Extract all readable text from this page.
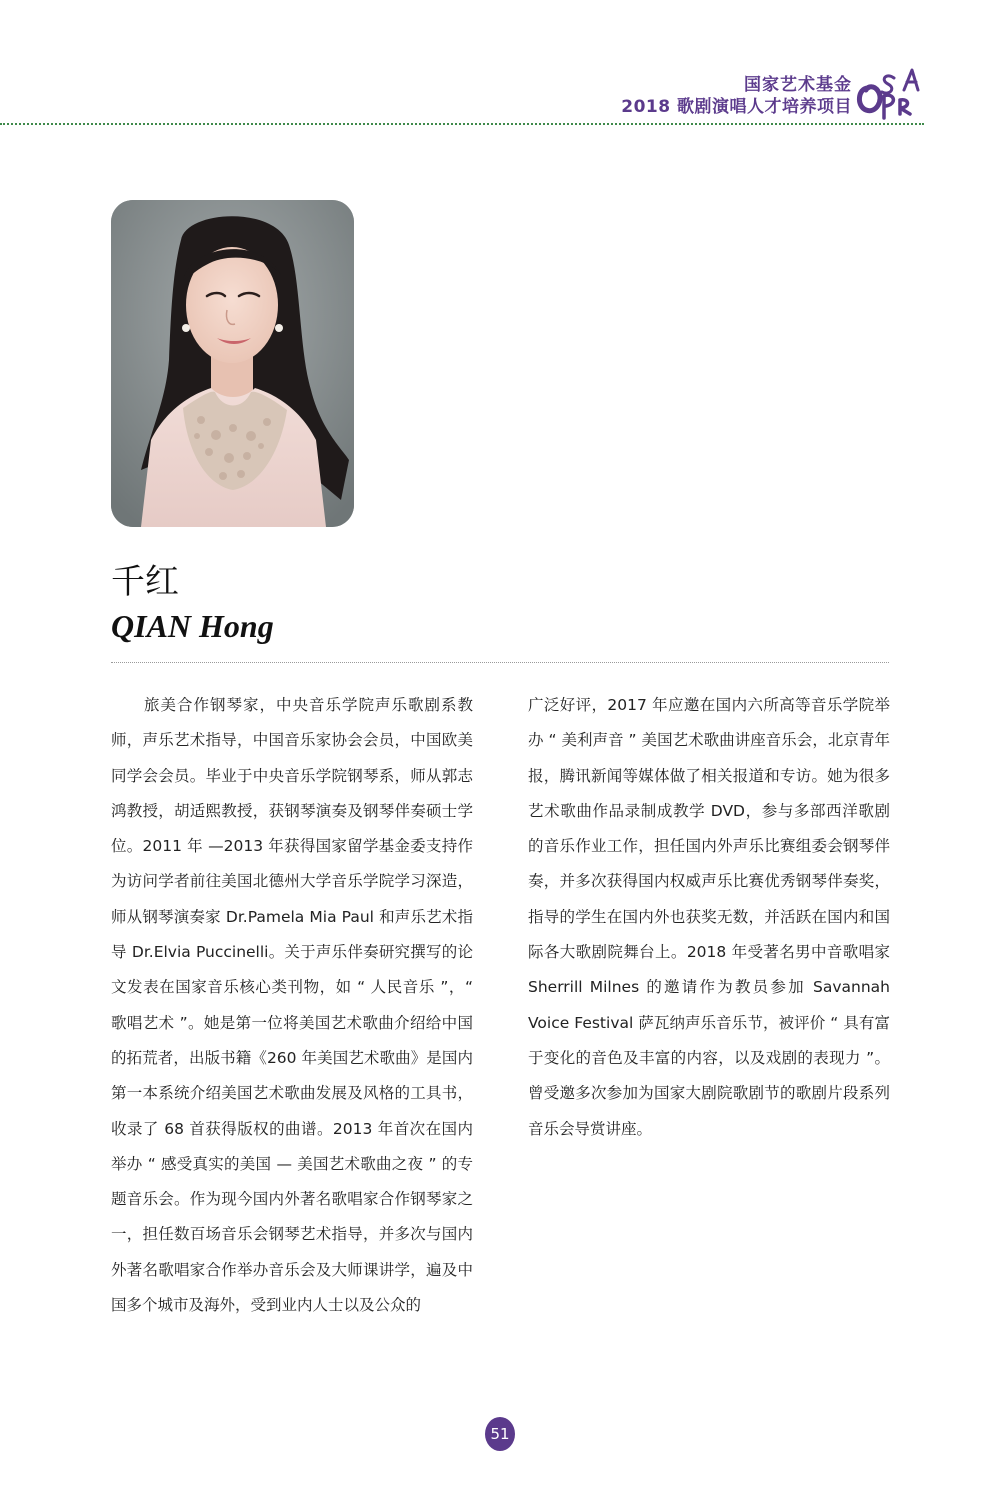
国家艺术基金
2018 歌剧演唱人才培养项目
OPERA
千红
QIAN Hong

旅美合作钢琴家，中央音乐学院声乐歌剧系教师，声乐艺术指导，中国音乐家协会会员，中国欧美同学会会员。毕业于中央音乐学院钢琴系，师从郭志鸿教授，胡适熙教授，获钢琴演奏及钢琴伴奏硕士学位。2011 年 —2013 年获得国家留学基金委支持作为访问学者前往美国北德州大学音乐学院学习深造，师从钢琴演奏家 Dr.Pamela Mia Paul 和声乐艺术指导 Dr.Elvia Puccinelli。关于声乐伴奏研究撰写的论文发表在国家音乐核心类刊物，如 “ 人民音乐 ”，“ 歌唱艺术 ”。她是第一位将美国艺术歌曲介绍给中国的拓荒者，出版书籍《260 年美国艺术歌曲》是国内第一本系统介绍美国艺术歌曲发展及风格的工具书，收录了 68 首获得版权的曲谱。2013 年首次在国内举办 “ 感受真实的美国 — 美国艺术歌曲之夜 ” 的专题音乐会。作为现今国内外著名歌唱家合作钢琴家之一，担任数百场音乐会钢琴艺术指导，并多次与国内外著名歌唱家合作举办音乐会及大师课讲学，遍及中国多个城市及海外，受到业内人士以及公众的

广泛好评，2017 年应邀在国内六所高等音乐学院举办 “ 美利声音 ” 美国艺术歌曲讲座音乐会，北京青年报，腾讯新闻等媒体做了相关报道和专访。她为很多艺术歌曲作品录制成教学 DVD，参与多部西洋歌剧的音乐作业工作，担任国内外声乐比赛组委会钢琴伴奏，并多次获得国内权威声乐比赛优秀钢琴伴奏奖，指导的学生在国内外也获奖无数，并活跃在国内和国际各大歌剧院舞台上。2018 年受著名男中音歌唱家 Sherrill Milnes 的邀请作为教员参加 Savannah Voice Festival 萨瓦纳声乐音乐节，被评价 “ 具有富于变化的音色及丰富的内容，以及戏剧的表现力 ”。曾受邀多次参加为国家大剧院歌剧节的歌剧片段系列音乐会导赏讲座。

51
